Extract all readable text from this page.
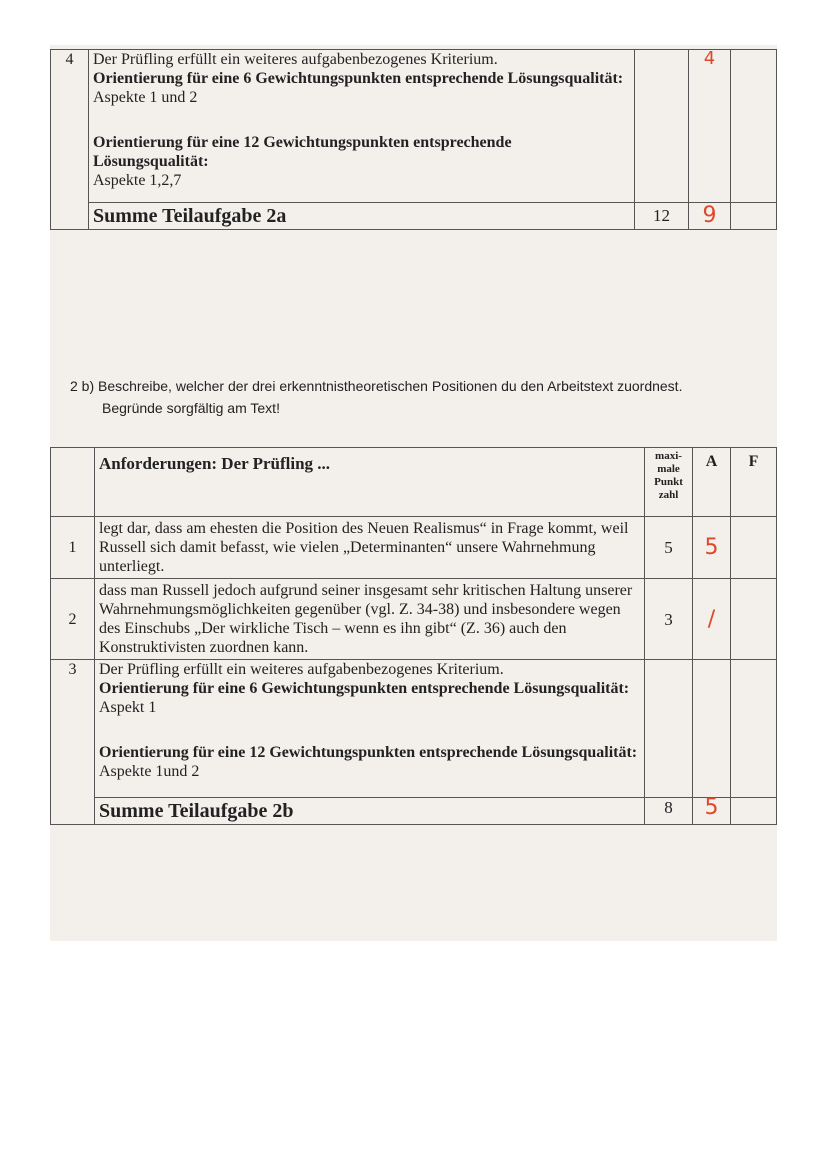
4	Der Prüfling erfüllt ein weiteres aufgabenbezogenes Kriterium.
Orientierung für eine 6 Gewichtungspunkten entsprechende Lösungsqualität:
Aspekte 1 und 2
Orientierung für eine 12 Gewichtungspunkten entsprechende Lösungsqualität:
Aspekte 1,2,7		4	
	Summe Teilaufgabe 2a	12	9	
2 b) Beschreibe, welcher der drei erkenntnistheoretischen Positionen du den Arbeitstext zuordnest.
Begründe sorgfältig am Text!
	Anforderungen: Der Prüfling ...	maxi- male Punkt zahl	A	F
1	legt dar, dass am ehesten die Position des Neuen Realismus“ in Frage kommt, weil Russell sich damit befasst, wie vielen „Determinanten“ unsere Wahrnehmung unterliegt.	5	5	
2	dass man Russell jedoch aufgrund seiner insgesamt sehr kritischen Haltung unserer Wahrnehmungsmöglichkeiten gegenüber (vgl. Z. 34-38) und insbesondere wegen des Einschubs „Der wirkliche Tisch – wenn es ihn gibt“ (Z. 36) auch den Konstruktivisten zuordnen kann.	3	/	
3	Der Prüfling erfüllt ein weiteres aufgabenbezogenes Kriterium.
Orientierung für eine 6 Gewichtungspunkten entsprechende Lösungsqualität:
Aspekt 1
Orientierung für eine 12 Gewichtungspunkten entsprechende Lösungsqualität:
Aspekte 1und 2			

	Summe Teilaufgabe 2b	8	5	
